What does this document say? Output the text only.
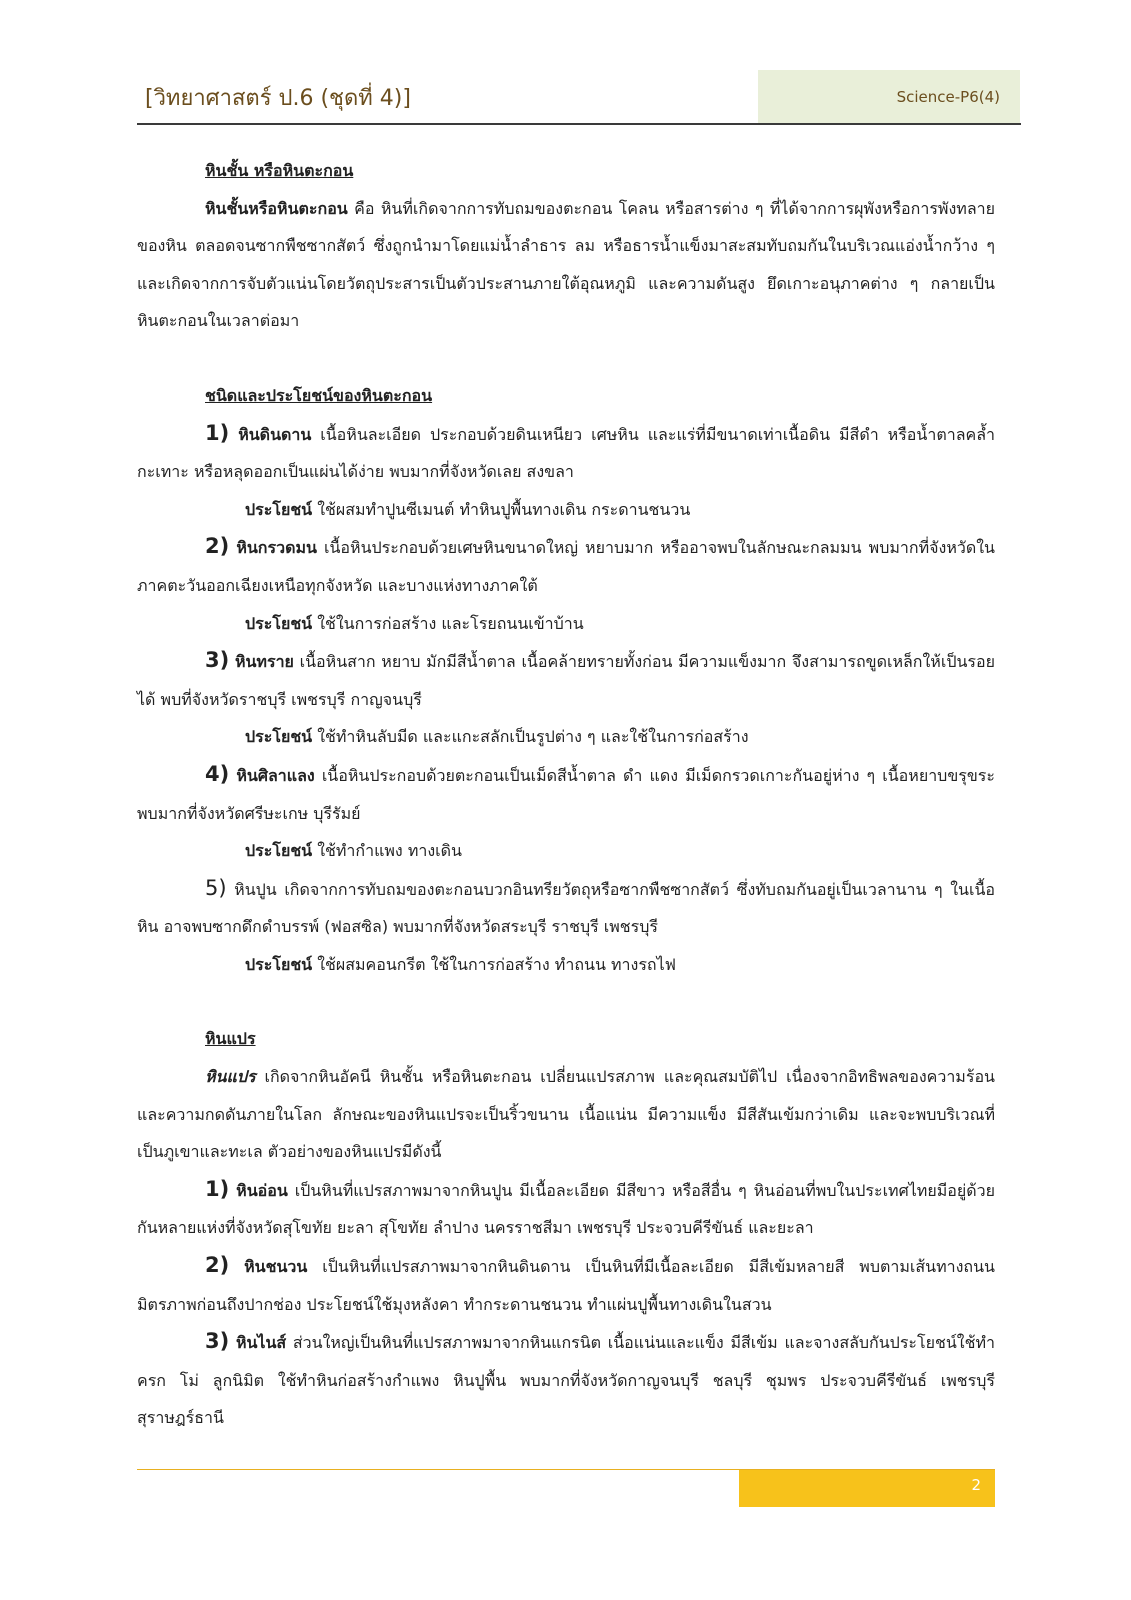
[วิทยาศาสตร์ ป.6 (ชุดที่ 4)]	Science-P6(4)

หินชั้น หรือหินตะกอน

หินชั้นหรือหินตะกอน คือ หินที่เกิดจากการทับถมของตะกอน โคลน หรือสารต่าง ๆ ที่ได้จากการผุพังหรือการพังทลายของหิน ตลอดจนซากพืชซากสัตว์ ซึ่งถูกนำมาโดยแม่น้ำลำธาร ลม หรือธารน้ำแข็งมาสะสมทับถมกันในบริเวณแอ่งน้ำกว้าง ๆ และเกิดจากการจับตัวแน่นโดยวัตถุประสารเป็นตัวประสานภายใต้อุณหภูมิ และความดันสูง ยึดเกาะอนุภาคต่าง ๆ กลายเป็นหินตะกอนในเวลาต่อมา

ชนิดและประโยชน์ของหินตะกอน

1) หินดินดาน เนื้อหินละเอียด ประกอบด้วยดินเหนียว เศษหิน และแร่ที่มีขนาดเท่าเนื้อดิน มีสีดำ หรือน้ำตาลคล้ำ กะเทาะ หรือหลุดออกเป็นแผ่นได้ง่าย พบมากที่จังหวัดเลย สงขลา

ประโยชน์ ใช้ผสมทำปูนซีเมนต์ ทำหินปูพื้นทางเดิน กระดานชนวน

2) หินกรวดมน เนื้อหินประกอบด้วยเศษหินขนาดใหญ่ หยาบมาก หรืออาจพบในลักษณะกลมมน พบมากที่จังหวัดในภาคตะวันออกเฉียงเหนือทุกจังหวัด และบางแห่งทางภาคใต้

ประโยชน์ ใช้ในการก่อสร้าง และโรยถนนเข้าบ้าน

3) หินทราย เนื้อหินสาก หยาบ มักมีสีน้ำตาล เนื้อคล้ายทรายทั้งก่อน มีความแข็งมาก จึงสามารถขูดเหล็กให้เป็นรอยได้ พบที่จังหวัดราชบุรี เพชรบุรี กาญจนบุรี

ประโยชน์ ใช้ทำหินลับมีด และแกะสลักเป็นรูปต่าง ๆ และใช้ในการก่อสร้าง

4) หินศิลาแลง เนื้อหินประกอบด้วยตะกอนเป็นเม็ดสีน้ำตาล ดำ แดง มีเม็ดกรวดเกาะกันอยู่ห่าง ๆ เนื้อหยาบขรุขระ พบมากที่จังหวัดศรีษะเกษ บุรีรัมย์

ประโยชน์ ใช้ทำกำแพง ทางเดิน

5) หินปูน เกิดจากการทับถมของตะกอนบวกอินทรียวัตถุหรือซากพืชซากสัตว์ ซึ่งทับถมกันอยู่เป็นเวลานาน ๆ ในเนื้อหิน อาจพบซากดึกดำบรรพ์ (ฟอสซิล) พบมากที่จังหวัดสระบุรี ราชบุรี เพชรบุรี

ประโยชน์ ใช้ผสมคอนกรีต ใช้ในการก่อสร้าง ทำถนน ทางรถไฟ

หินแปร

หินแปร เกิดจากหินอัคนี หินชั้น หรือหินตะกอน เปลี่ยนแปรสภาพ และคุณสมบัติไป เนื่องจากอิทธิพลของความร้อนและความกดดันภายในโลก ลักษณะของหินแปรจะเป็นริ้วขนาน เนื้อแน่น มีความแข็ง มีสีสันเข้มกว่าเดิม และจะพบบริเวณที่เป็นภูเขาและทะเล ตัวอย่างของหินแปรมีดังนี้

1) หินอ่อน เป็นหินที่แปรสภาพมาจากหินปูน มีเนื้อละเอียด มีสีขาว หรือสีอื่น ๆ หินอ่อนที่พบในประเทศไทยมีอยู่ด้วยกันหลายแห่งที่จังหวัดสุโขทัย ยะลา สุโขทัย ลำปาง นครราชสีมา เพชรบุรี ประจวบคีรีขันธ์ และยะลา

2) หินชนวน เป็นหินที่แปรสภาพมาจากหินดินดาน เป็นหินที่มีเนื้อละเอียด มีสีเข้มหลายสี พบตามเส้นทางถนนมิตรภาพก่อนถึงปากช่อง ประโยชน์ใช้มุงหลังคา ทำกระดานชนวน ทำแผ่นปูพื้นทางเดินในสวน

3) หินไนส์ ส่วนใหญ่เป็นหินที่แปรสภาพมาจากหินแกรนิต เนื้อแน่นและแข็ง มีสีเข้ม และจางสลับกันประโยชน์ใช้ทำครก โม่ ลูกนิมิต ใช้ทำหินก่อสร้างกำแพง หินปูพื้น พบมากที่จังหวัดกาญจนบุรี ชลบุรี ชุมพร ประจวบคีรีขันธ์ เพชรบุรี สุราษฎร์ธานี

2
